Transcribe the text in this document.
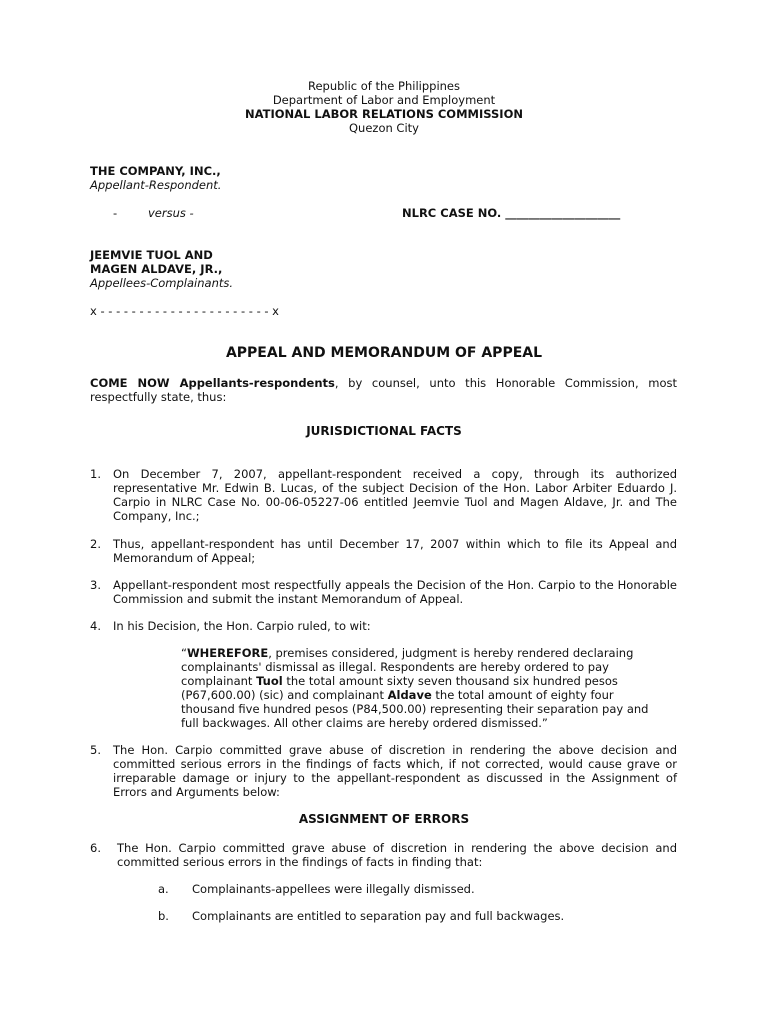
Republic of the Philippines
Department of Labor and Employment
NATIONAL LABOR RELATIONS COMMISSION
Quezon City
THE COMPANY, INC.,
Appellant-Respondent.
-	versus -	NLRC CASE NO. ____________________
JEEMVIE TUOL AND
MAGEN ALDAVE, JR.,
Appellees-Complainants.
x - - - - - - - - - - - - - - - - - - - - - - x
APPEAL AND MEMORANDUM OF APPEAL
COME NOW Appellants-respondents, by counsel, unto this Honorable Commission, most respectfully state, thus:
JURISDICTIONAL FACTS
1. On December 7, 2007, appellant-respondent received a copy, through its authorized representative Mr. Edwin B. Lucas, of the subject Decision of the Hon. Labor Arbiter Eduardo J. Carpio in NLRC Case No. 00-06-05227-06 entitled Jeemvie Tuol and Magen Aldave, Jr. and The Company, Inc.;
2. Thus, appellant-respondent has until December 17, 2007 within which to file its Appeal and Memorandum of Appeal;
3. Appellant-respondent most respectfully appeals the Decision of the Hon. Carpio to the Honorable Commission and submit the instant Memorandum of Appeal.
4. In his Decision, the Hon. Carpio ruled, to wit:
“WHEREFORE, premises considered, judgment is hereby rendered declaraing complainants' dismissal as illegal. Respondents are hereby ordered to pay complainant Tuol the total amount sixty seven thousand six hundred pesos (P67,600.00) (sic) and complainant Aldave the total amount of eighty four thousand five hundred pesos (P84,500.00) representing their separation pay and full backwages. All other claims are hereby ordered dismissed.”
5. The Hon. Carpio committed grave abuse of discretion in rendering the above decision and committed serious errors in the findings of facts which, if not corrected, would cause grave or irreparable damage or injury to the appellant-respondent as discussed in the Assignment of Errors and Arguments below:
ASSIGNMENT OF ERRORS
6. The Hon. Carpio committed grave abuse of discretion in rendering the above decision and committed serious errors in the findings of facts in finding that:
a. Complainants-appellees were illegally dismissed.
b. Complainants are entitled to separation pay and full backwages.
